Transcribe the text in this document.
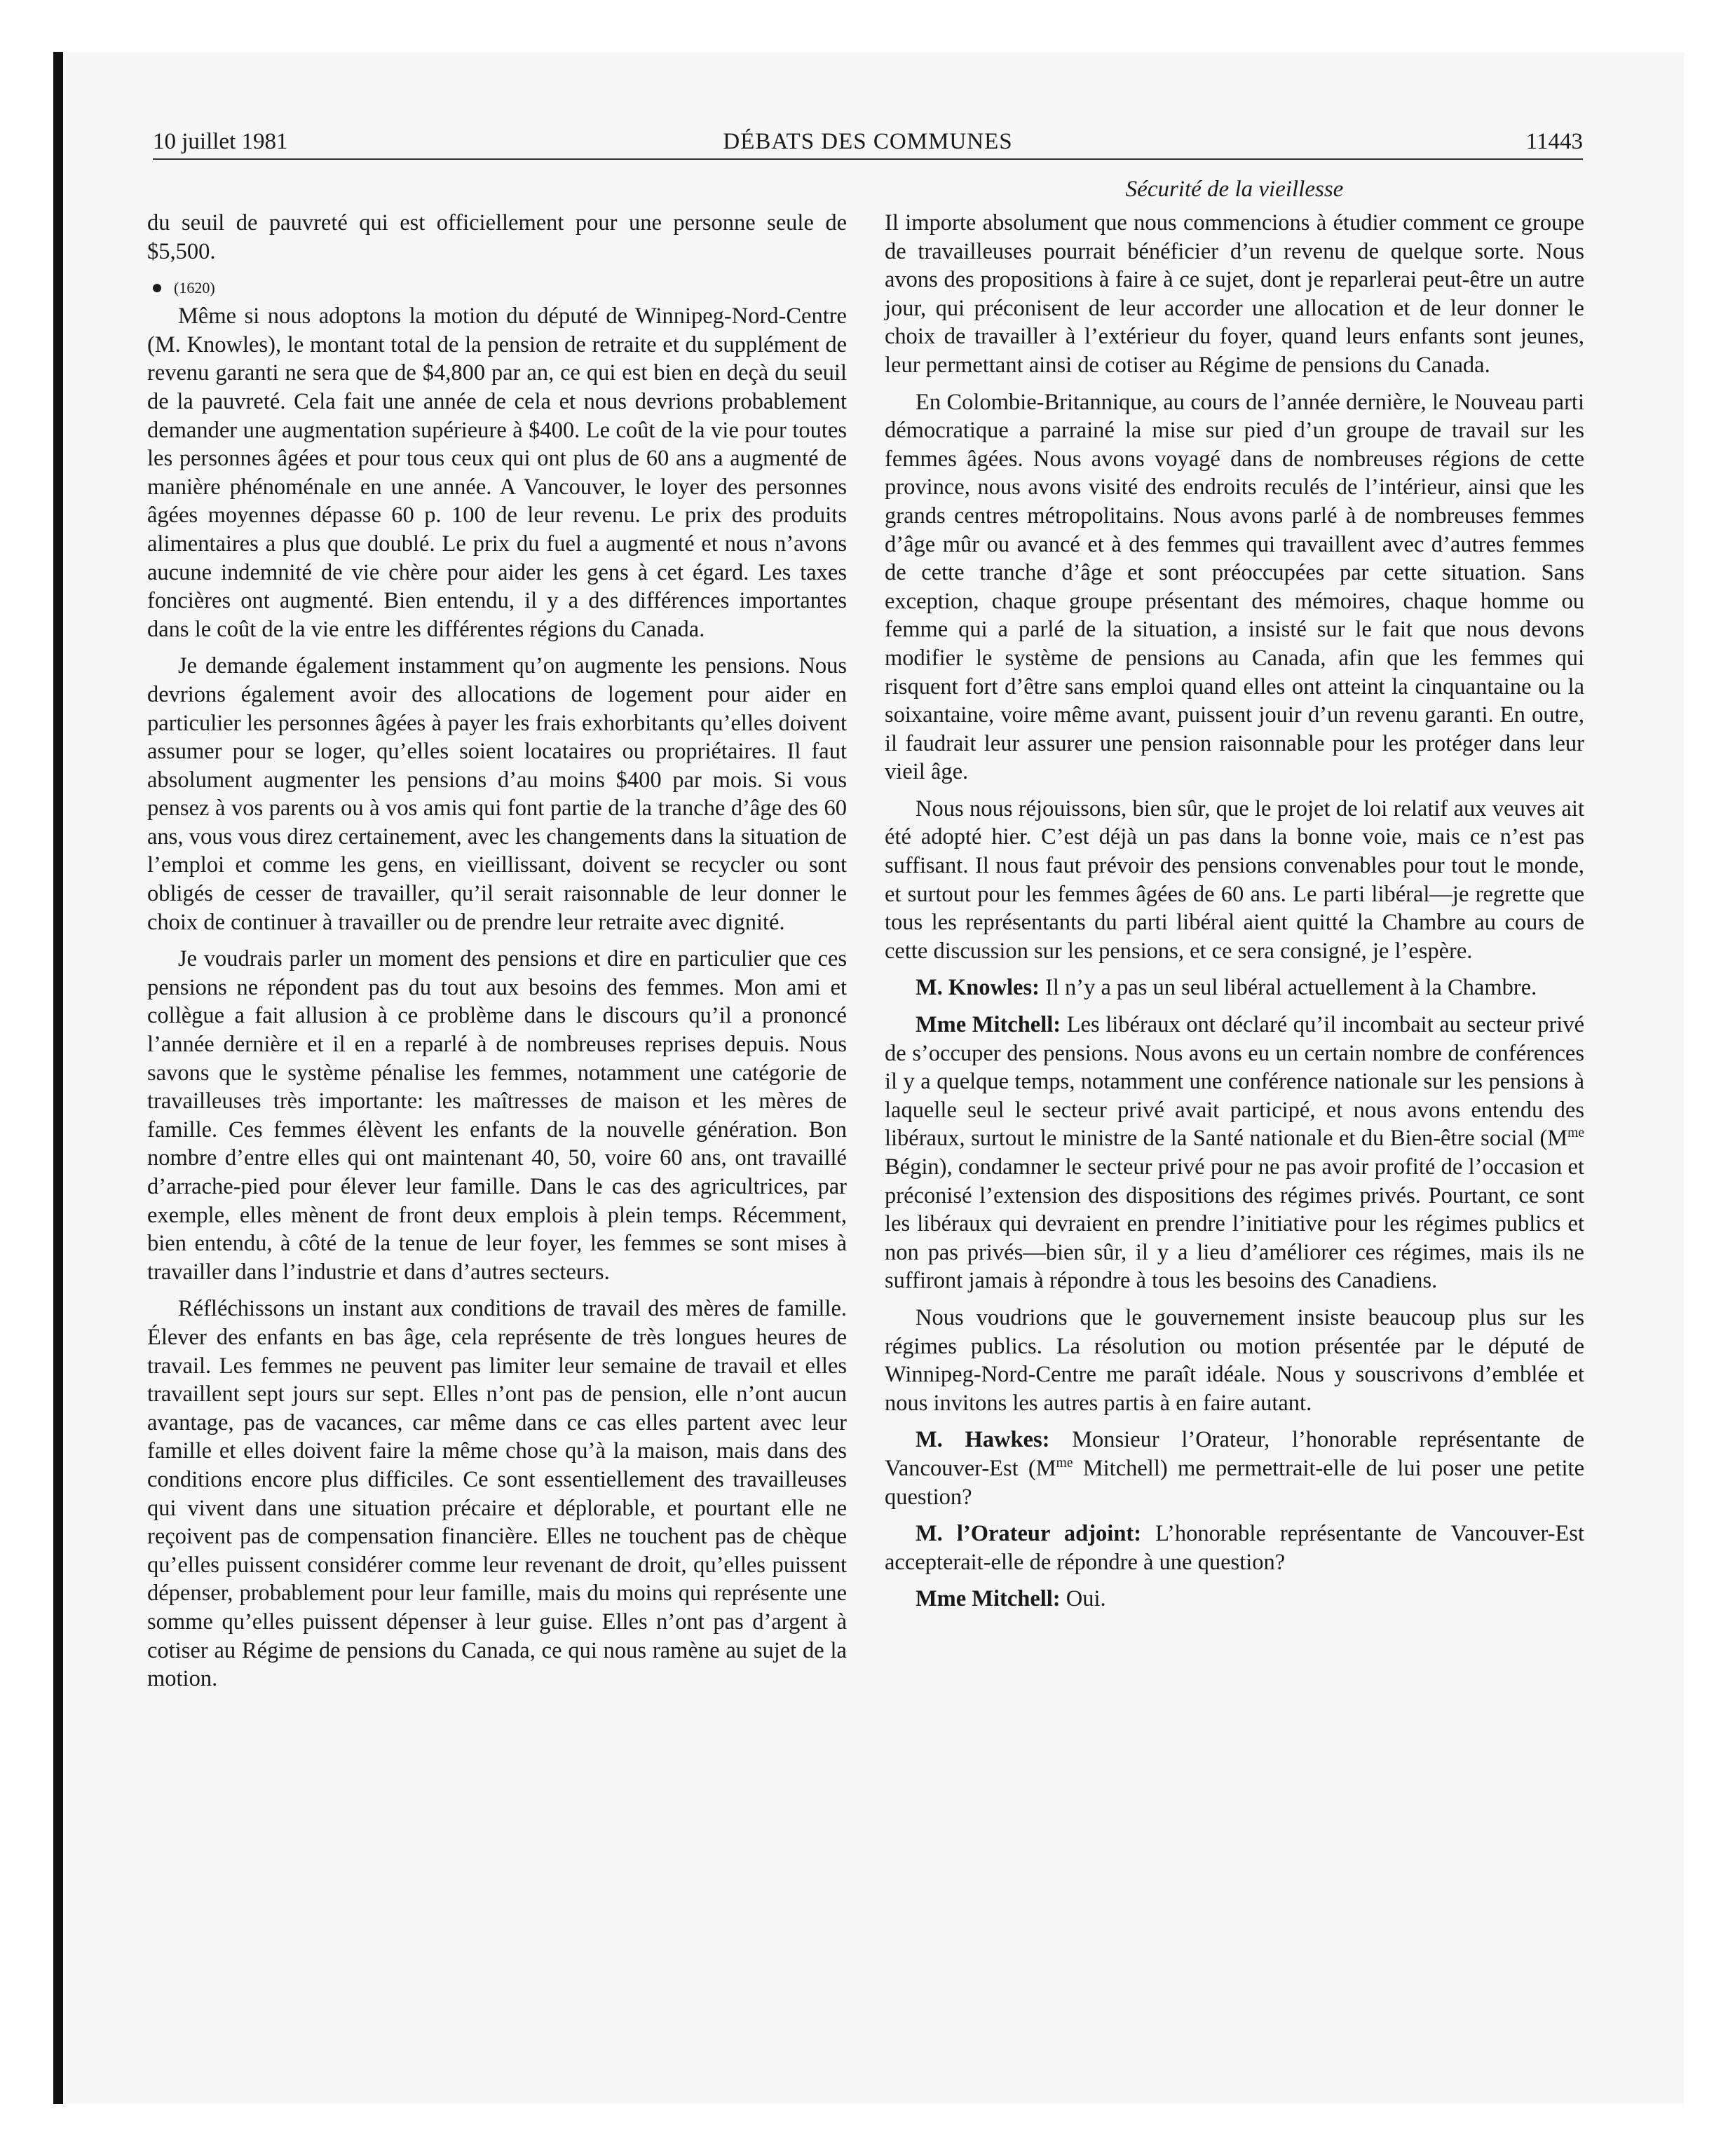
10 juillet 1981	DÉBATS DES COMMUNES	11443
Sécurité de la vieillesse

du seuil de pauvreté qui est officiellement pour une personne seule de $5,500.

(1620)

Même si nous adoptons la motion du député de Winnipeg-Nord-Centre (M. Knowles), le montant total de la pension de retraite et du supplément de revenu garanti ne sera que de $4,800 par an, ce qui est bien en deçà du seuil de la pauvreté. Cela fait une année de cela et nous devrions probablement demander une augmentation supérieure à $400. Le coût de la vie pour toutes les personnes âgées et pour tous ceux qui ont plus de 60 ans a augmenté de manière phénoménale en une année. A Vancouver, le loyer des personnes âgées moyennes dépasse 60 p. 100 de leur revenu. Le prix des produits alimentaires a plus que doublé. Le prix du fuel a augmenté et nous n’avons aucune indemnité de vie chère pour aider les gens à cet égard. Les taxes foncières ont augmenté. Bien entendu, il y a des différences importantes dans le coût de la vie entre les différentes régions du Canada.

Je demande également instamment qu’on augmente les pensions. Nous devrions également avoir des allocations de logement pour aider en particulier les personnes âgées à payer les frais exhorbitants qu’elles doivent assumer pour se loger, qu’elles soient locataires ou propriétaires. Il faut absolument augmenter les pensions d’au moins $400 par mois. Si vous pensez à vos parents ou à vos amis qui font partie de la tranche d’âge des 60 ans, vous vous direz certainement, avec les changements dans la situation de l’emploi et comme les gens, en vieillissant, doivent se recycler ou sont obligés de cesser de travailler, qu’il serait raisonnable de leur donner le choix de continuer à travailler ou de prendre leur retraite avec dignité.

Je voudrais parler un moment des pensions et dire en particulier que ces pensions ne répondent pas du tout aux besoins des femmes. Mon ami et collègue a fait allusion à ce problème dans le discours qu’il a prononcé l’année dernière et il en a reparlé à de nombreuses reprises depuis. Nous savons que le système pénalise les femmes, notamment une catégorie de travailleuses très importante: les maîtresses de maison et les mères de famille. Ces femmes élèvent les enfants de la nouvelle génération. Bon nombre d’entre elles qui ont maintenant 40, 50, voire 60 ans, ont travaillé d’arrache-pied pour élever leur famille. Dans le cas des agricultrices, par exemple, elles mènent de front deux emplois à plein temps. Récemment, bien entendu, à côté de la tenue de leur foyer, les femmes se sont mises à travailler dans l’industrie et dans d’autres secteurs.

Réfléchissons un instant aux conditions de travail des mères de famille. Élever des enfants en bas âge, cela représente de très longues heures de travail. Les femmes ne peuvent pas limiter leur semaine de travail et elles travaillent sept jours sur sept. Elles n’ont pas de pension, elle n’ont aucun avantage, pas de vacances, car même dans ce cas elles partent avec leur famille et elles doivent faire la même chose qu’à la maison, mais dans des conditions encore plus difficiles. Ce sont essentiellement des travailleuses qui vivent dans une situation précaire et déplorable, et pourtant elle ne reçoivent pas de compensation financière. Elles ne touchent pas de chèque qu’elles puissent considérer comme leur revenant de droit, qu’elles puissent dépenser, probablement pour leur famille, mais du moins qui représente une somme qu’elles puissent dépenser à leur guise. Elles n’ont pas d’argent à cotiser au Régime de pensions du Canada, ce qui nous ramène au sujet de la motion.

Il importe absolument que nous commencions à étudier comment ce groupe de travailleuses pourrait bénéficier d’un revenu de quelque sorte. Nous avons des propositions à faire à ce sujet, dont je reparlerai peut-être un autre jour, qui préconisent de leur accorder une allocation et de leur donner le choix de travailler à l’extérieur du foyer, quand leurs enfants sont jeunes, leur permettant ainsi de cotiser au Régime de pensions du Canada.

En Colombie-Britannique, au cours de l’année dernière, le Nouveau parti démocratique a parrainé la mise sur pied d’un groupe de travail sur les femmes âgées. Nous avons voyagé dans de nombreuses régions de cette province, nous avons visité des endroits reculés de l’intérieur, ainsi que les grands centres métropolitains. Nous avons parlé à de nombreuses femmes d’âge mûr ou avancé et à des femmes qui travaillent avec d’autres femmes de cette tranche d’âge et sont préoccupées par cette situation. Sans exception, chaque groupe présentant des mémoires, chaque homme ou femme qui a parlé de la situation, a insisté sur le fait que nous devons modifier le système de pensions au Canada, afin que les femmes qui risquent fort d’être sans emploi quand elles ont atteint la cinquantaine ou la soixantaine, voire même avant, puissent jouir d’un revenu garanti. En outre, il faudrait leur assurer une pension raisonnable pour les protéger dans leur vieil âge.

Nous nous réjouissons, bien sûr, que le projet de loi relatif aux veuves ait été adopté hier. C’est déjà un pas dans la bonne voie, mais ce n’est pas suffisant. Il nous faut prévoir des pensions convenables pour tout le monde, et surtout pour les femmes âgées de 60 ans. Le parti libéral—je regrette que tous les représentants du parti libéral aient quitté la Chambre au cours de cette discussion sur les pensions, et ce sera consigné, je l’espère.

M. Knowles: Il n’y a pas un seul libéral actuellement à la Chambre.

Mme Mitchell: Les libéraux ont déclaré qu’il incombait au secteur privé de s’occuper des pensions. Nous avons eu un certain nombre de conférences il y a quelque temps, notamment une conférence nationale sur les pensions à laquelle seul le secteur privé avait participé, et nous avons entendu des libéraux, surtout le ministre de la Santé nationale et du Bien-être social ($M^{me}$ Bégin), condamner le secteur privé pour ne pas avoir profité de l’occasion et préconisé l’extension des dispositions des régimes privés. Pourtant, ce sont les libéraux qui devraient en prendre l’initiative pour les régimes publics et non pas privés—bien sûr, il y a lieu d’améliorer ces régimes, mais ils ne suffiront jamais à répondre à tous les besoins des Canadiens.

Nous voudrions que le gouvernement insiste beaucoup plus sur les régimes publics. La résolution ou motion présentée par le député de Winnipeg-Nord-Centre me paraît idéale. Nous y souscrivons d’emblée et nous invitons les autres partis à en faire autant.

M. Hawkes: Monsieur l’Orateur, l’honorable représentante de Vancouver-Est ($M^{me}$ Mitchell) me permettrait-elle de lui poser une petite question?

M. l’Orateur adjoint: L’honorable représentante de Vancouver-Est accepterait-elle de répondre à une question?

Mme Mitchell: Oui.
